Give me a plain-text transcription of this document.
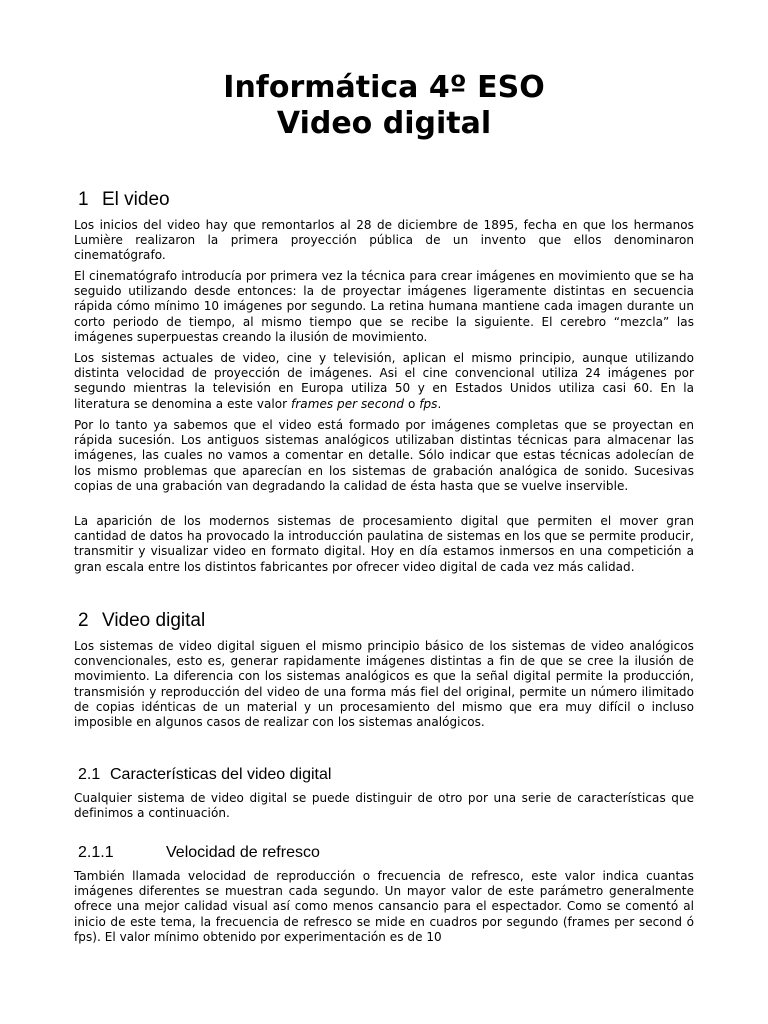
Informática 4º ESO
Video digital
1 El video

Los inicios del video hay que remontarlos al 28 de diciembre de 1895, fecha en que los hermanos Lumière realizaron la primera proyección pública de un invento que ellos denominaron cinematógrafo.

El cinematógrafo introducía por primera vez la técnica para crear imágenes en movimiento que se ha seguido utilizando desde entonces: la de proyectar imágenes ligeramente distintas en secuencia rápida cómo mínimo 10 imágenes por segundo. La retina humana mantiene cada imagen durante un corto periodo de tiempo, al mismo tiempo que se recibe la siguiente. El cerebro “mezcla” las imágenes superpuestas creando la ilusión de movimiento.

Los sistemas actuales de video, cine y televisión, aplican el mismo principio, aunque utilizando distinta velocidad de proyección de imágenes. Asi el cine convencional utiliza 24 imágenes por segundo mientras la televisión en Europa utiliza 50 y en Estados Unidos utiliza casi 60. En la literatura se denomina a este valor frames per second o fps.

Por lo tanto ya sabemos que el video está formado por imágenes completas que se proyectan en rápida sucesión. Los antiguos sistemas analógicos utilizaban distintas técnicas para almacenar las imágenes, las cuales no vamos a comentar en detalle. Sólo indicar que estas técnicas adolecían de los mismo problemas que aparecían en los sistemas de grabación analógica de sonido. Sucesivas copias de una grabación van degradando la calidad de ésta hasta que se vuelve inservible.

La aparición de los modernos sistemas de procesamiento digital que permiten el mover gran cantidad de datos ha provocado la introducción paulatina de sistemas en los que se permite producir, transmitir y visualizar video en formato digital. Hoy en día estamos inmersos en una competición a gran escala entre los distintos fabricantes por ofrecer video digital de cada vez más calidad.

2 Video digital

Los sistemas de video digital siguen el mismo principio básico de los sistemas de video analógicos convencionales, esto es, generar rapidamente imágenes distintas a fin de que se cree la ilusión de movimiento. La diferencia con los sistemas analógicos es que la señal digital permite la producción, transmisión y reproducción del video de una forma más fiel del original, permite un número ilimitado de copias idénticas de un material y un procesamiento del mismo que era muy difícil o incluso imposible en algunos casos de realizar con los sistemas analógicos.

2.1 Características del video digital

Cualquier sistema de video digital se puede distinguir de otro por una serie de características que definimos a continuación.

2.1.1	Velocidad de refresco

También llamada velocidad de reproducción o frecuencia de refresco, este valor indica cuantas imágenes diferentes se muestran cada segundo. Un mayor valor de este parámetro generalmente ofrece una mejor calidad visual así como menos cansancio para el espectador. Como se comentó al inicio de este tema, la frecuencia de refresco se mide en cuadros por segundo (frames per second ó fps). El valor mínimo obtenido por experimentación es de 10
